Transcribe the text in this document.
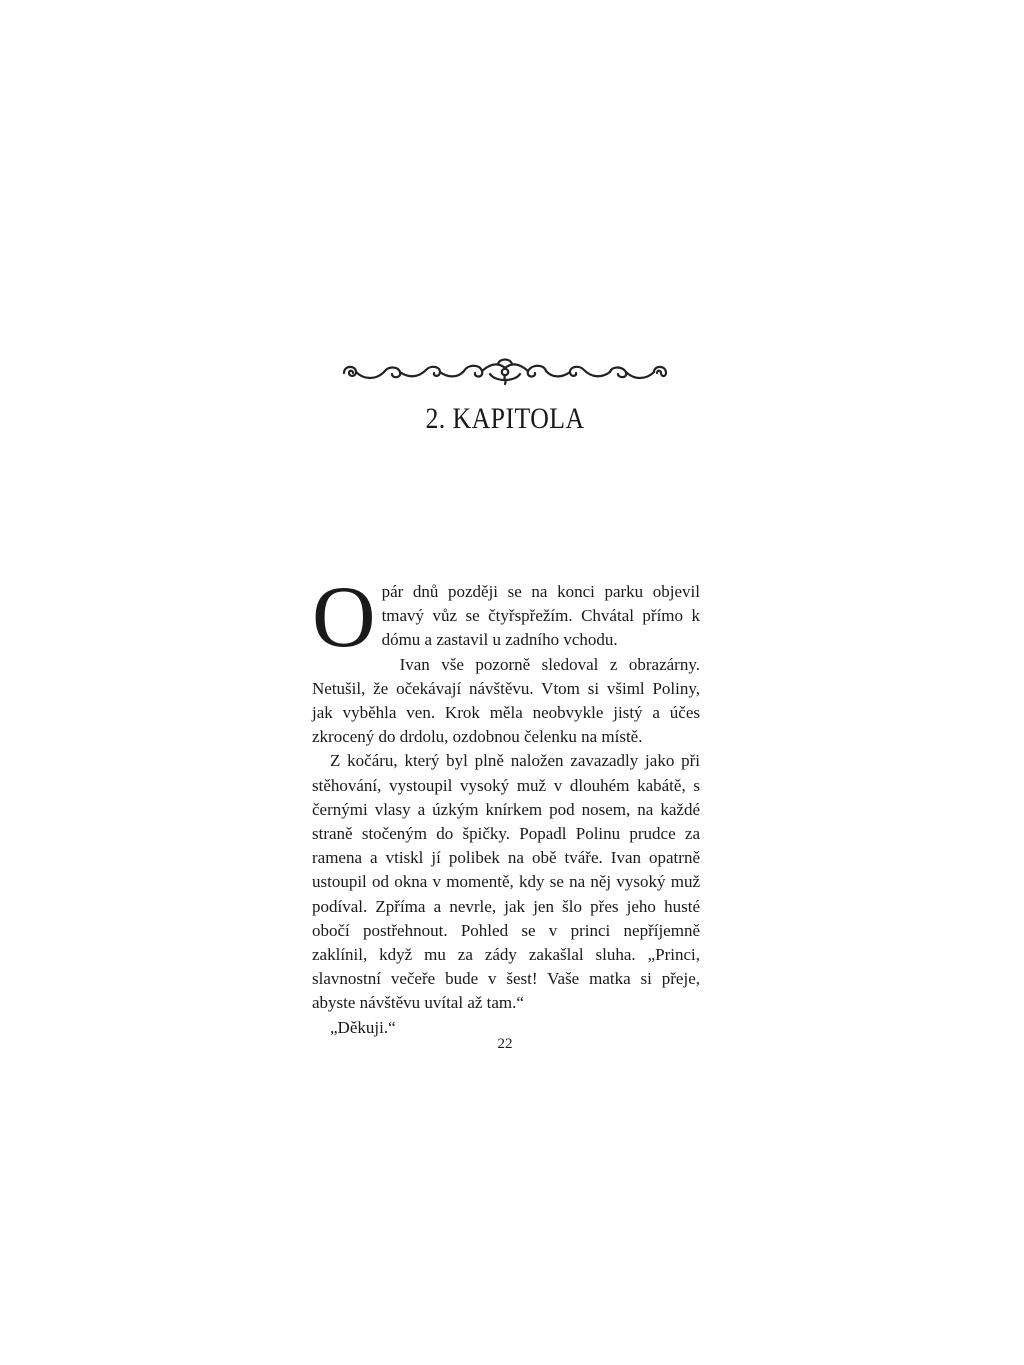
2. KAPITOLA

O pár dnů později se na konci parku objevil tmavý vůz se čtyřspřežím. Chvátal přímo k dómu a zastavil u zadního vchodu.

Ivan vše pozorně sledoval z obrazárny. Netušil, že očekávají návštěvu. Vtom si všiml Poliny, jak vyběhla ven. Krok měla neobvykle jistý a účes zkrocený do drdolu, ozdobnou čelenku na místě.

Z kočáru, který byl plně naložen zavazadly jako při stěhování, vystoupil vysoký muž v dlouhém kabátě, s černými vlasy a úzkým knírkem pod nosem, na každé straně stočeným do špičky. Popadl Polinu prudce za ramena a vtiskl jí polibek na obě tváře. Ivan opatrně ustoupil od okna v momentě, kdy se na něj vysoký muž podíval. Zpříma a nevrle, jak jen šlo přes jeho husté obočí postřehnout. Pohled se v princi nepříjemně zaklínil, když mu za zády zakašlal sluha. „Princi, slavnostní večeře bude v šest! Vaše matka si přeje, abyste návštěvu uvítal až tam.“

„Děkuji.“

22
